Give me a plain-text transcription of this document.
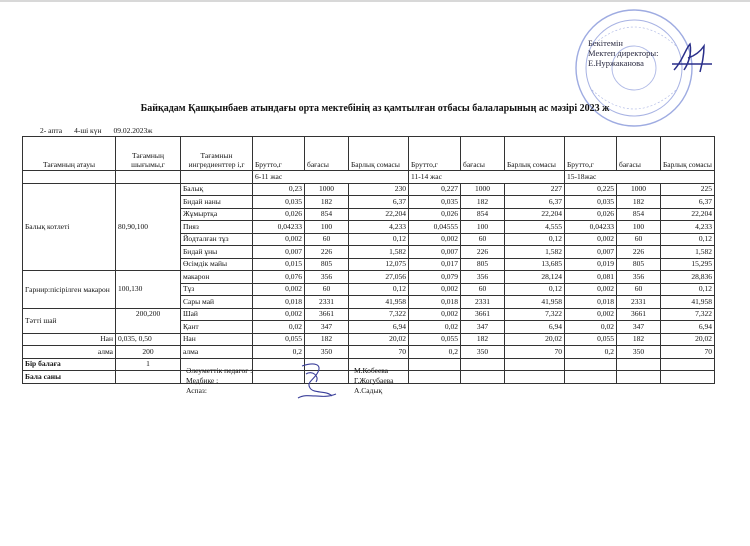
Бекітемін
Мектеп директоры:
Е.Нуржаканова
Байқадам Қашқынбаев атындағы орта мектебінің аз қамтылған отбасы балаларының ас мәзірі 2023 ж
2- апта 4-ші күн 09.02.2023ж
Тағамның атауы	Тағамның шығымы,г	Тағамнын ингредиенттер і,г	Брутто,г	бағасы	Барлық сомасы	Брутто,г	бағасы	Барлық сомасы	Брутто,г	бағасы	Барлық сомасы
			6-11 жас			11-14 жас			15-18жас		
Балық котлеті	80,90,100	Балық	0,23	1000	230	0,227	1000	227	0,225	1000	225
		Бидай наны	0,035	182	6,37	0,035	182	6,37	0,035	182	6,37
		Жұмыртқа	0,026	854	22,204	0,026	854	22,204	0,026	854	22,204
		Пияз	0,04233	100	4,233	0,04555	100	4,555	0,04233	100	4,233
		Йодталған тұз	0,002	60	0,12	0,002	60	0,12	0,002	60	0,12
		Бидай ұны	0,007	226	1,582	0,007	226	1,582	0,007	226	1,582
		Өсімдік майы	0,015	805	12,075	0,017	805	13,685	0,019	805	15,295
Гарнир:пісірілген макарон	100,130	макарон	0,076	356	27,056	0,079	356	28,124	0,081	356	28,836
		Тұз	0,002	60	0,12	0,002	60	0,12	0,002	60	0,12
		Сары май	0,018	2331	41,958	0,018	2331	41,958	0,018	2331	41,958
Тәтті шай	200,200	Шай	0,002	3661	7,322	0,002	3661	7,322	0,002	3661	7,322
		Қант	0,02	347	6,94	0,02	347	6,94	0,02	347	6,94
Нан	0,035, 0,50	Нан	0,055	182	20,02	0,055	182	20,02	0,055	182	20,02
алма	200	алма	0,2	350	70	0,2	350	70	0,2	350	70
Бір балаға	1										
Бала саны											
Әлеуметтік педагог :	М.Кобеева
Медбике :	Г.Жогубаева
Аспаз:	А.Садық
